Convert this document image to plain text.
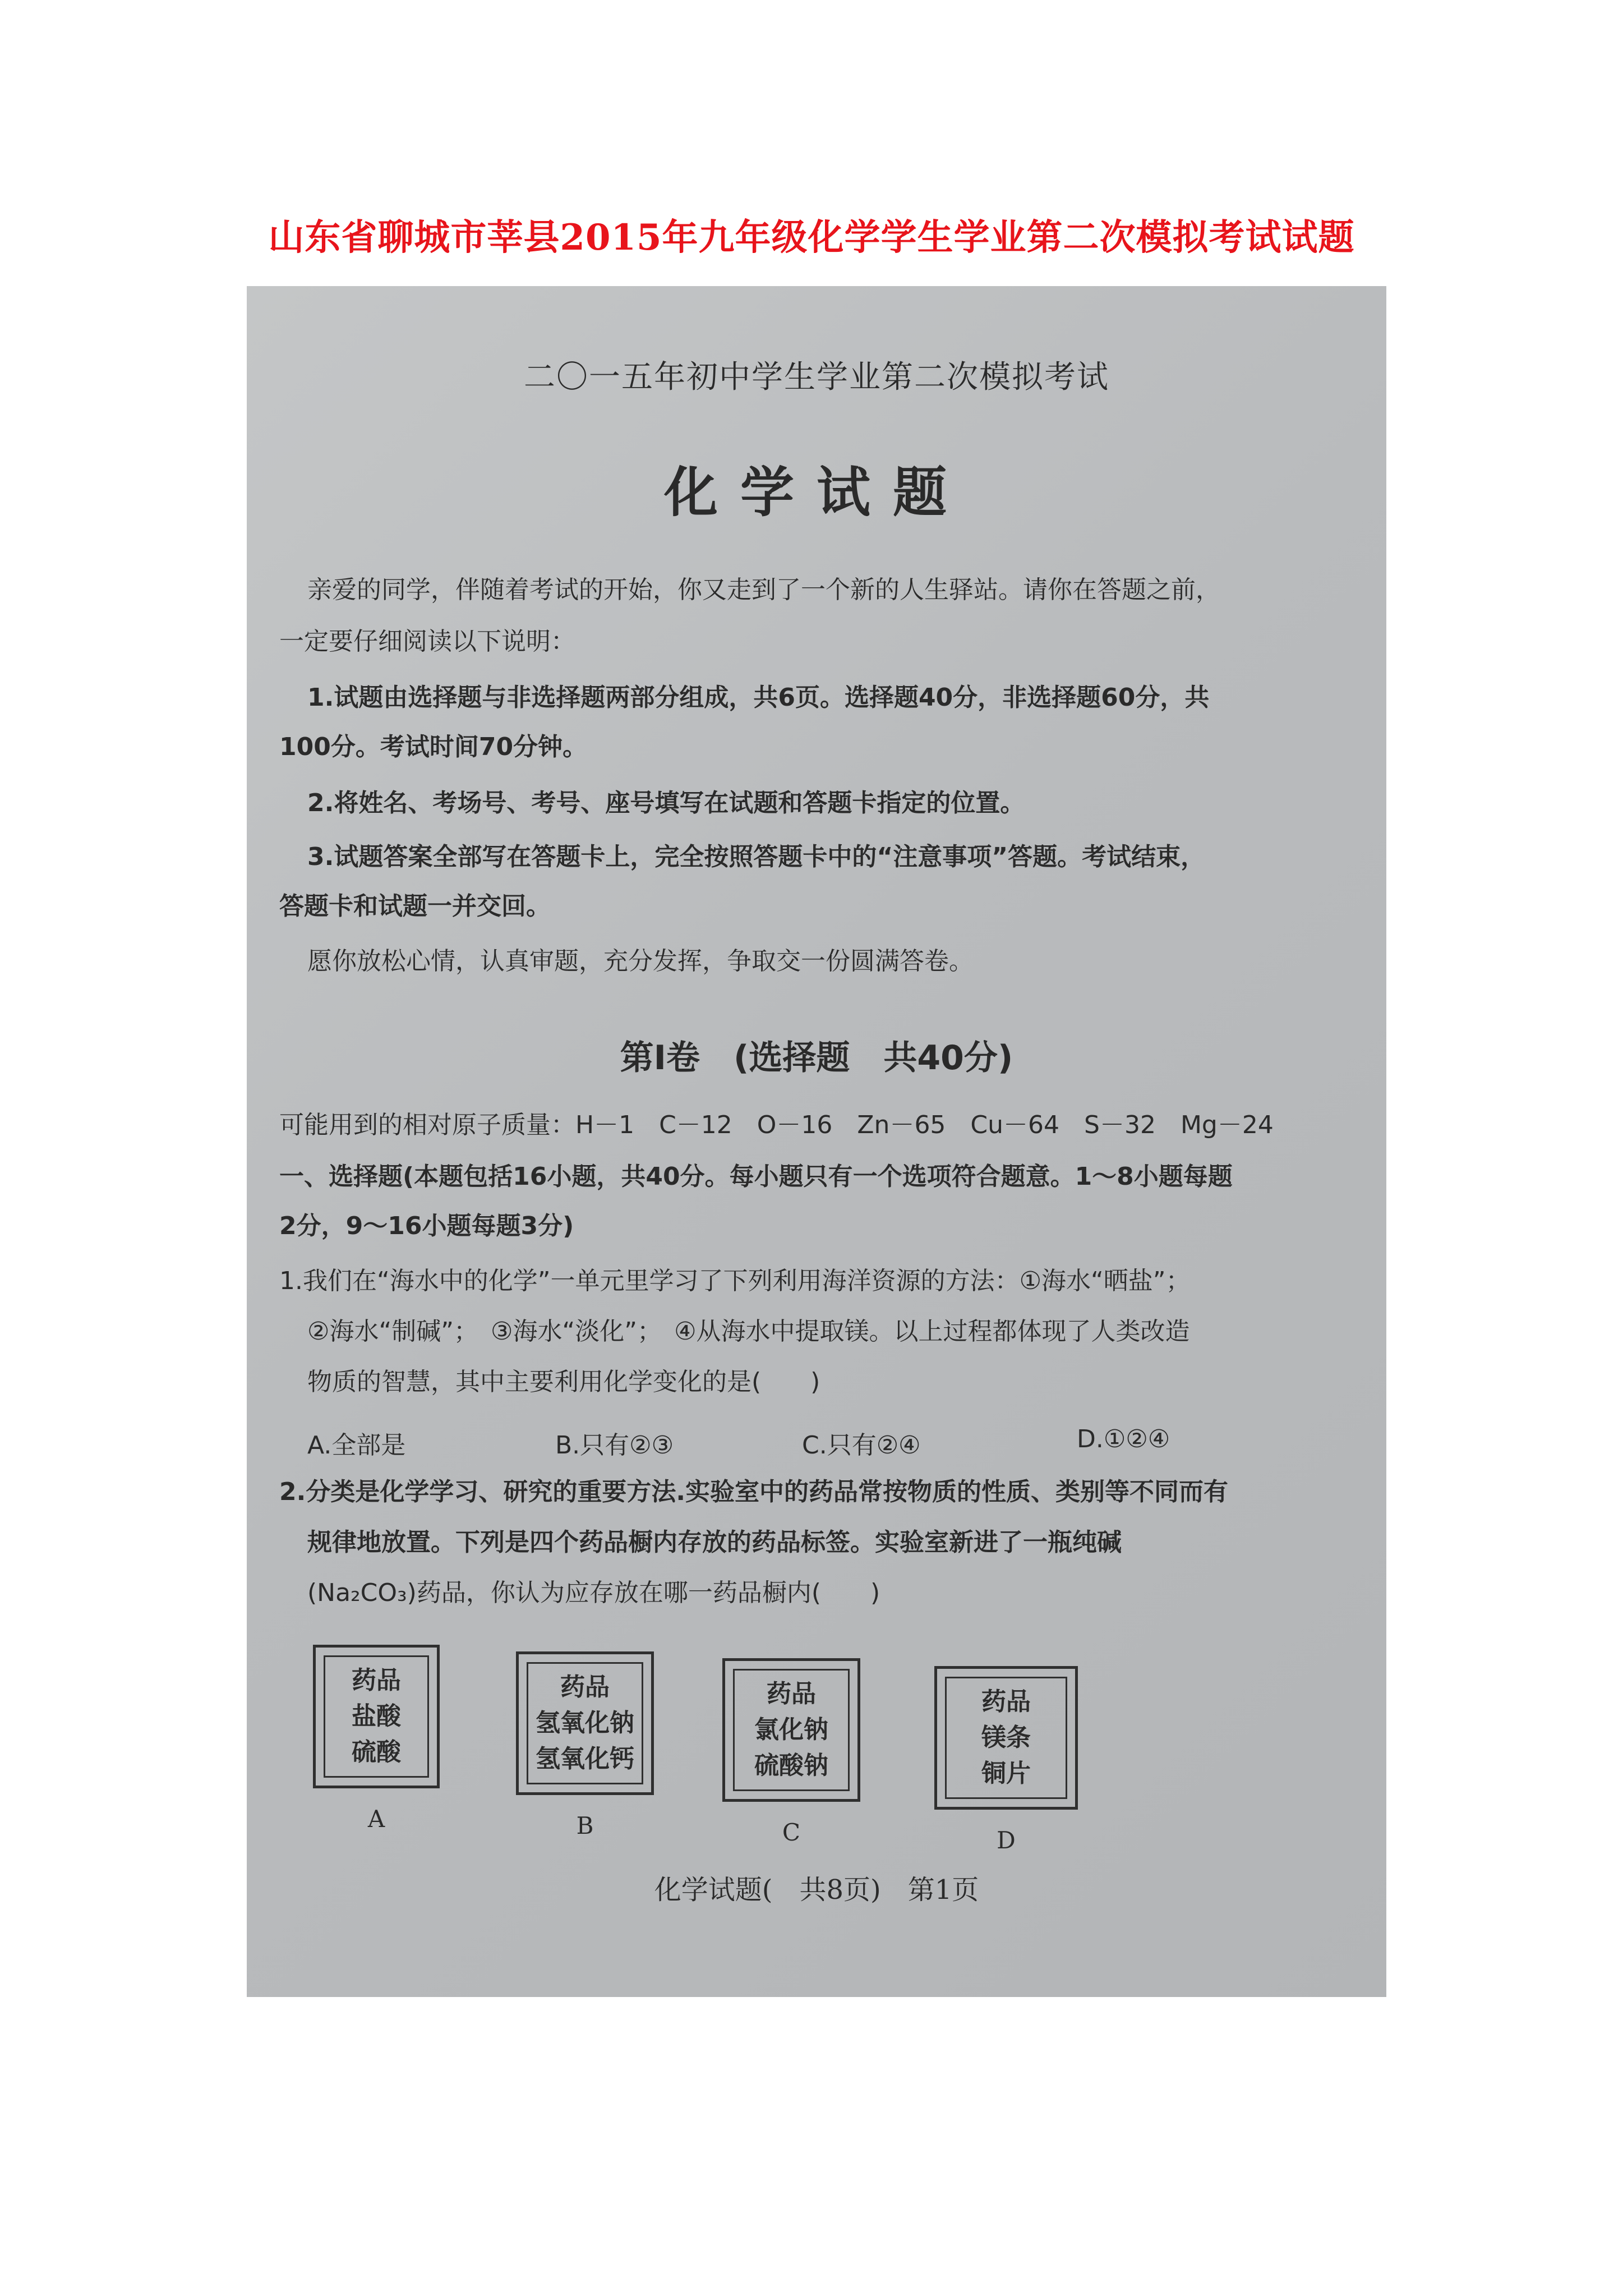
山东省聊城市莘县2015年九年级化学学生学业第二次模拟考试试题
二〇一五年初中学生学业第二次模拟考试
化学试题
亲爱的同学，伴随着考试的开始，你又走到了一个新的人生驿站。请你在答题之前，
一定要仔细阅读以下说明：
1.试题由选择题与非选择题两部分组成，共6页。选择题40分，非选择题60分，共
100分。考试时间70分钟。
2.将姓名、考场号、考号、座号填写在试题和答题卡指定的位置。
3.试题答案全部写在答题卡上，完全按照答题卡中的“注意事项”答题。考试结束，
答题卡和试题一并交回。
愿你放松心情，认真审题，充分发挥，争取交一份圆满答卷。
第Ⅰ卷　(选择题　共40分)
可能用到的相对原子质量：H－1　C－12　O－16　Zn－65　Cu－64　S－32　Mg－24
一、选择题(本题包括16小题，共40分。每小题只有一个选项符合题意。1～8小题每题
2分，9～16小题每题3分)
1.我们在“海水中的化学”一单元里学习了下列利用海洋资源的方法：①海水“晒盐”；
②海水“制碱”；　③海水“淡化”；　④从海水中提取镁。以上过程都体现了人类改造
物质的智慧，其中主要利用化学变化的是(　　)
A.全部是	B.只有②③	C.只有②④	D.①②④
2.分类是化学学习、研究的重要方法.实验室中的药品常按物质的性质、类别等不同而有
规律地放置。下列是四个药品橱内存放的药品标签。实验室新进了一瓶纯碱
(Na₂CO₃)药品，你认为应存放在哪一药品橱内(　　)
药品
盐酸
硫酸
A
药品
氢氧化钠
氢氧化钙
B
药品
氯化钠
硫酸钠
C
药品
镁条
铜片
D
化学试题(　共8页)　第1页
